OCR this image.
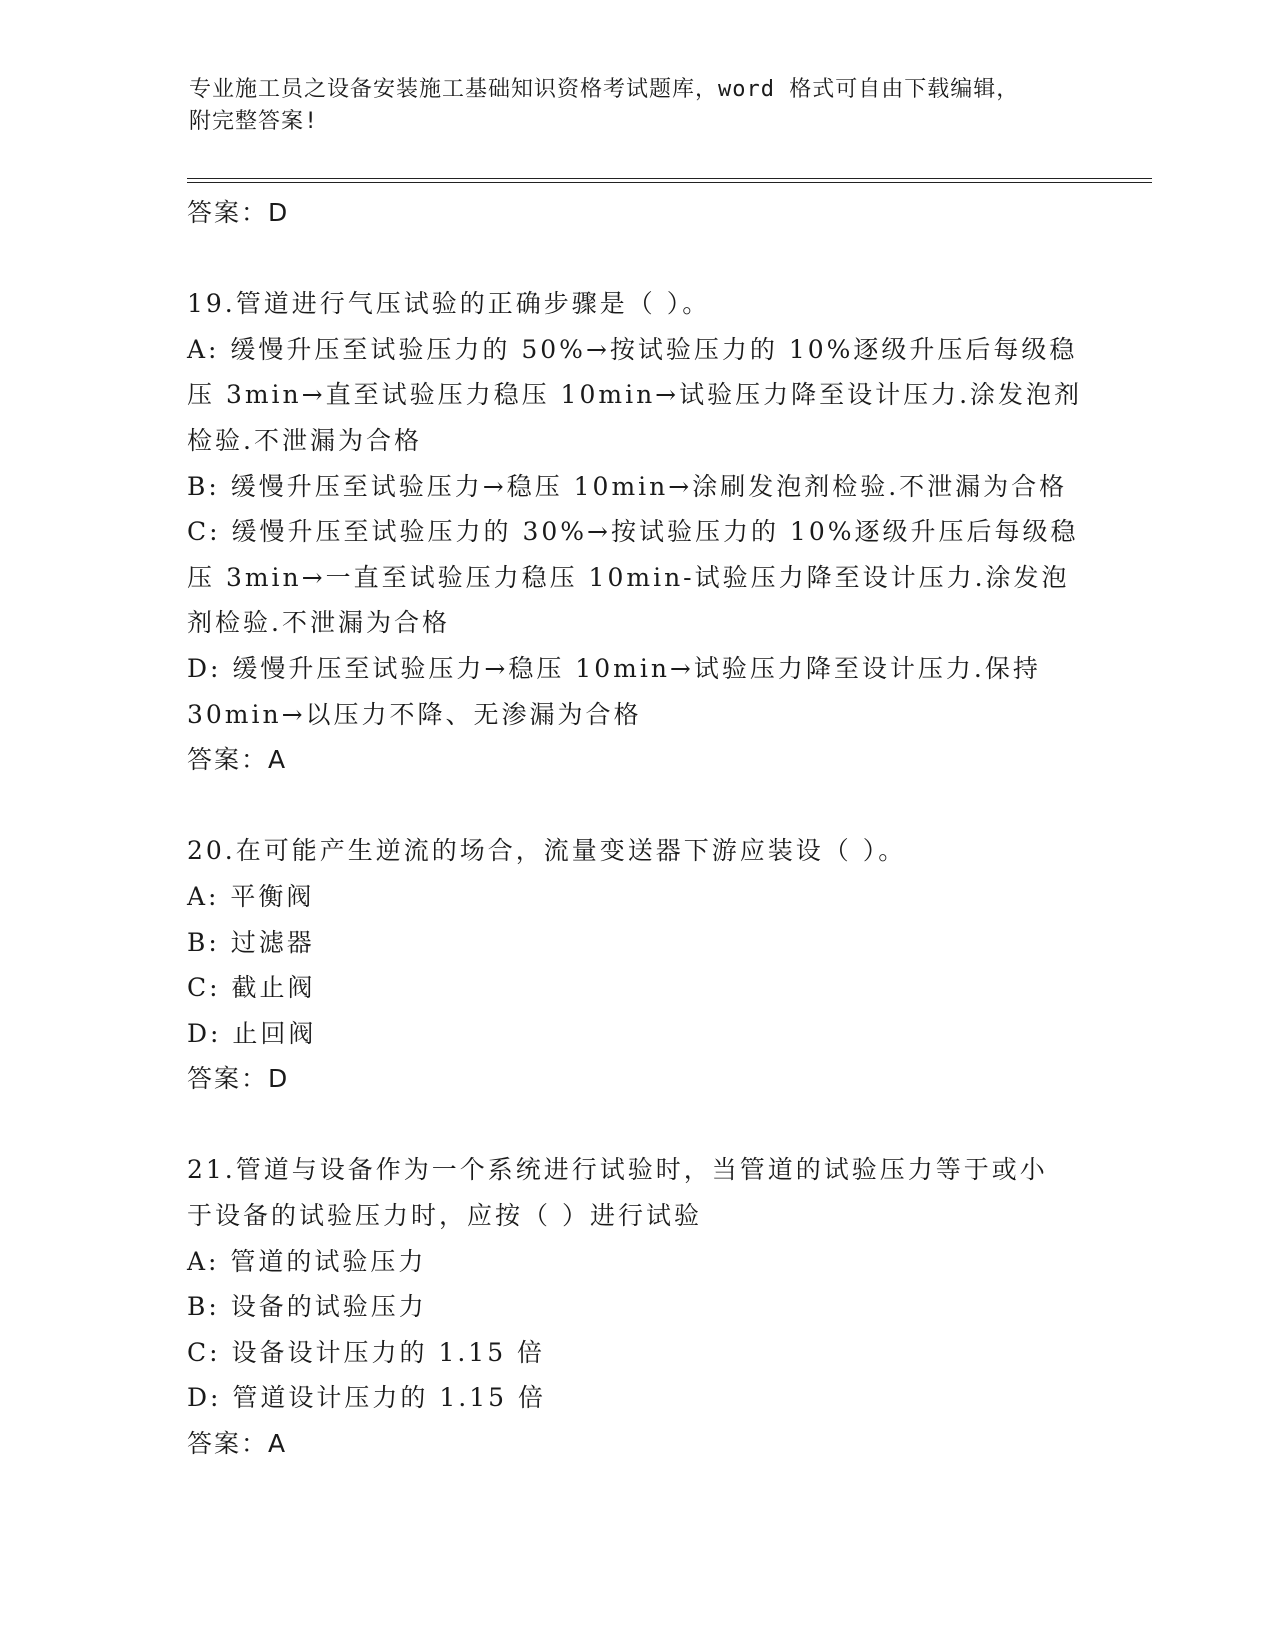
专业施工员之设备安装施工基础知识资格考试题库，word 格式可自由下载编辑，
附完整答案!
答案：D
19.管道进行气压试验的正确步骤是（ ）。
A: 缓慢升压至试验压力的 50%→按试验压力的 10%逐级升压后每级稳
压 3min→直至试验压力稳压 10min→试验压力降至设计压力.涂发泡剂
检验.不泄漏为合格
B: 缓慢升压至试验压力→稳压 10min→涂刷发泡剂检验.不泄漏为合格
C: 缓慢升压至试验压力的 30%→按试验压力的 10%逐级升压后每级稳
压 3min→一直至试验压力稳压 10min-试验压力降至设计压力.涂发泡
剂检验.不泄漏为合格
D: 缓慢升压至试验压力→稳压 10min→试验压力降至设计压力.保持
30min→以压力不降、无渗漏为合格
答案：A
20.在可能产生逆流的场合，流量变送器下游应装设（ ）。
A: 平衡阀
B: 过滤器
C: 截止阀
D: 止回阀
答案：D
21.管道与设备作为一个系统进行试验时，当管道的试验压力等于或小
于设备的试验压力时，应按（ ）进行试验
A: 管道的试验压力
B: 设备的试验压力
C: 设备设计压力的 1.15 倍
D: 管道设计压力的 1.15 倍
答案：A
